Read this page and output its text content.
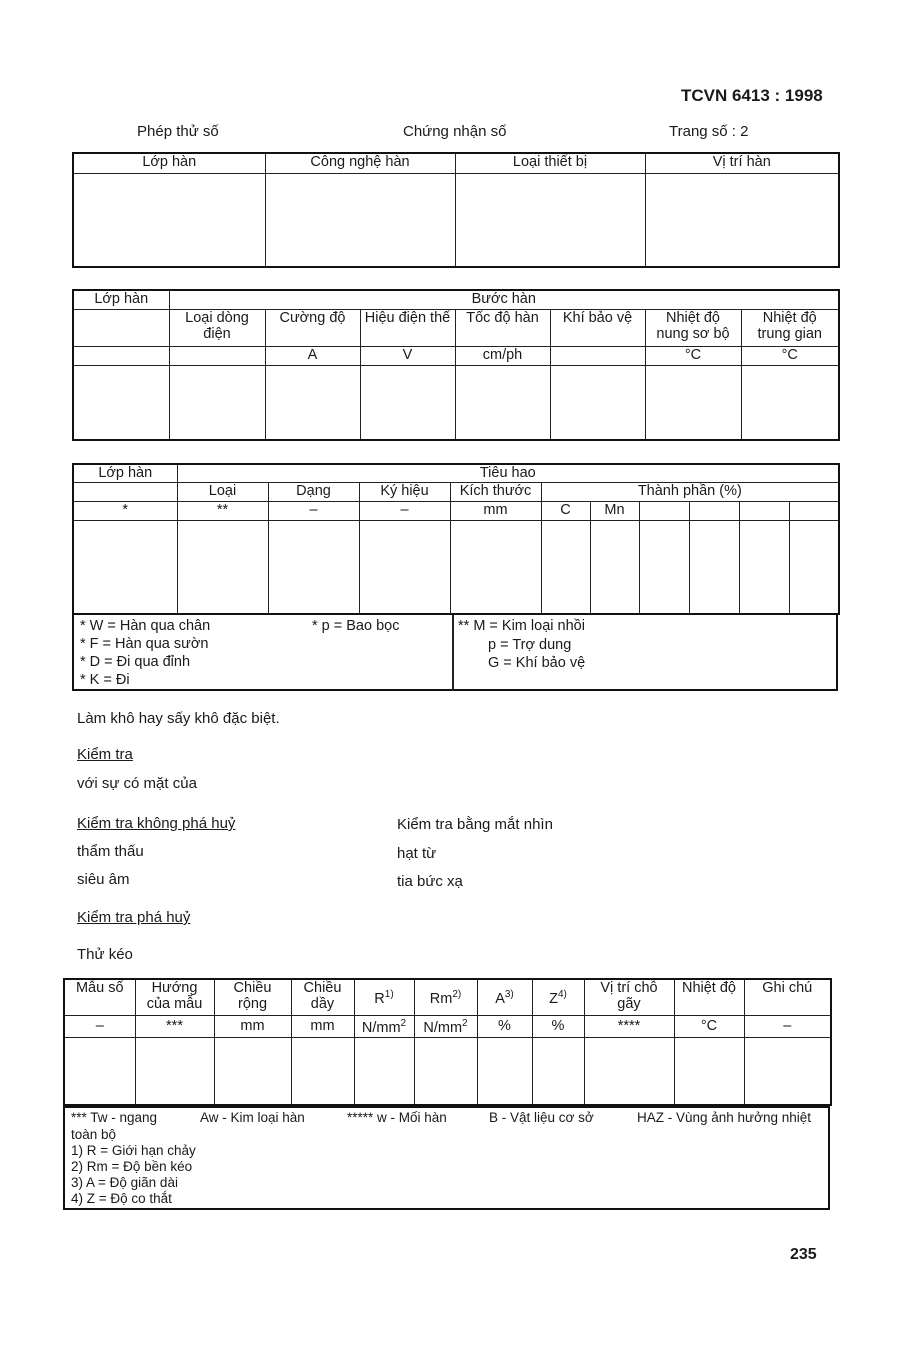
TCVN 6413 : 1998
Phép thử số	Chứng nhận số	Trang số : 2
Lớp hàn	Công nghệ hàn	Loại thiết bị	Vị trí hàn

Lớp hàn	Bước hàn						
	Loại dòng điện	Cường độ	Hiệu điện thế	Tốc độ hàn	Khí bảo vệ	Nhiệt độ nung sơ bộ	Nhiệt độ trung gian
		A	V	cm/ph		°C	°C

Lớp hàn	Tiêu hao									
	Loại	Dạng	Ký hiệu	Kích thước	Thành phần (%)					
*	**	–	–	mm	C	Mn				

* W = Hàn qua chân
* F = Hàn qua sườn
* D = Đi qua đỉnh
* K = Đi
* p = Bao bọc	** M = Kim loại nhồi
p = Trợ dung
G = Khí bảo vệ
Làm khô hay sấy khô đặc biệt.
Kiểm tra
với sự có mặt của
Kiểm tra không phá huỷ	Kiểm tra bằng mắt nhìn
thẩm thấu	hạt từ
siêu âm	tia bức xạ
Kiểm tra phá huỷ
Thử kéo
Mẫu số	Hướng của mẫu	Chiều rộng	Chiều dầy	$R^{1)}$	Rm$^{2)}$	$A^{3)}$	$Z^{4)}$	Vị trí chỗ gãy	Nhiệt độ	Ghi chú
–	***	mm	mm	$N/mm^2$	$N/mm^2$	%	%	****	°C	–

*** Tw - ngang	Aw - Kim loại hàn	***** w - Mối hàn	B - Vật liệu cơ sở	HAZ - Vùng ảnh hưởng nhiệt
toàn bộ
1) R = Giới hạn chảy
2) Rm = Độ bền kéo
3) A = Độ giãn dài
4) Z = Độ co thắt
235
